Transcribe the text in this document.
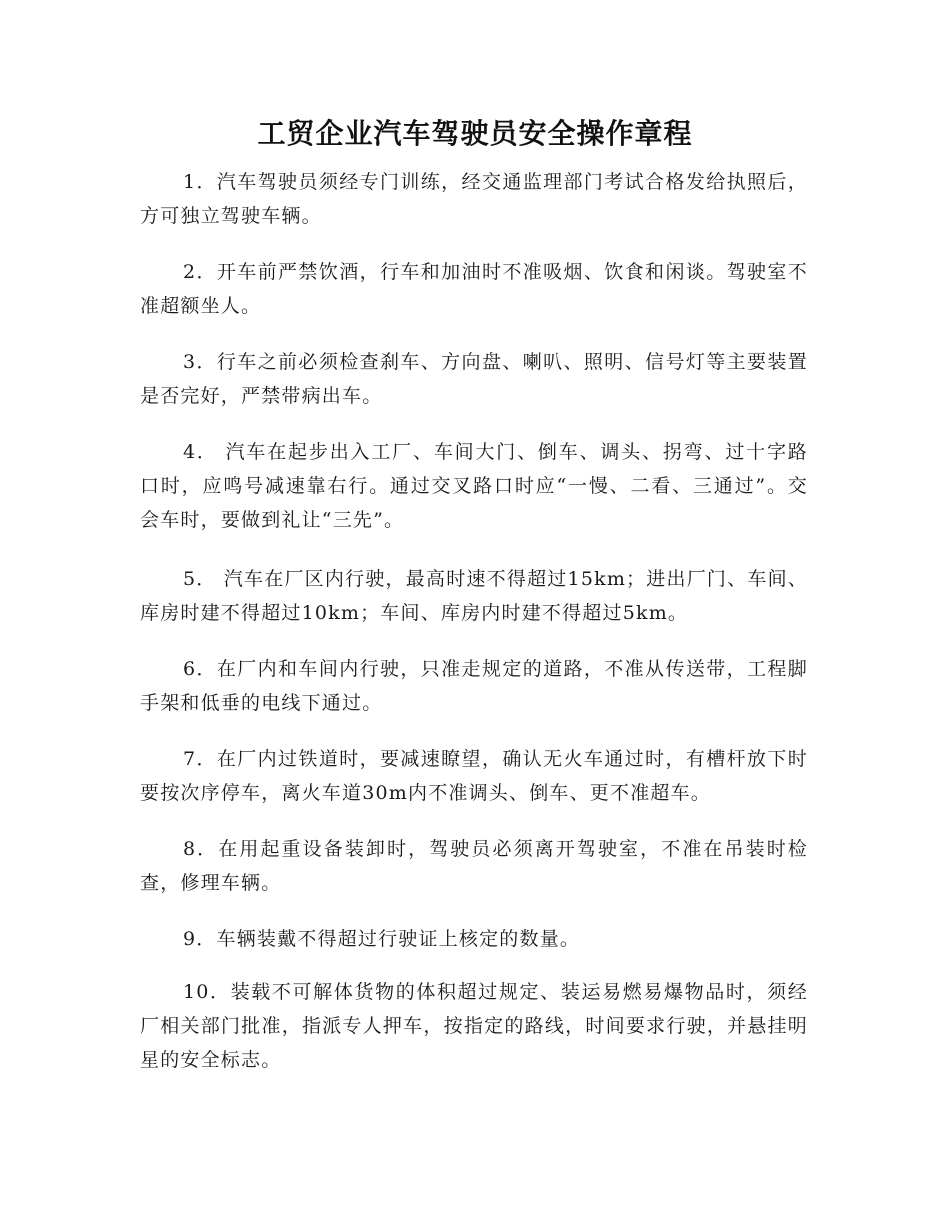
工贸企业汽车驾驶员安全操作章程

1．汽车驾驶员须经专门训练，经交通监理部门考试合格发给执照后，方可独立驾驶车辆。

2．开车前严禁饮酒，行车和加油时不准吸烟、饮食和闲谈。驾驶室不准超额坐人。

3．行车之前必须检查刹车、方向盘、喇叭、照明、信号灯等主要装置是否完好，严禁带病出车。

4． 汽车在起步出入工厂、车间大门、倒车、调头、拐弯、过十字路口时，应鸣号减速靠右行。通过交叉路口时应“一慢、二看、三通过”。交会车时，要做到礼让“三先”。

5． 汽车在厂区内行驶，最高时速不得超过15km；进出厂门、车间、库房时建不得超过10km；车间、库房内时建不得超过5km。

6．在厂内和车间内行驶，只准走规定的道路，不准从传送带，工程脚手架和低垂的电线下通过。

7．在厂内过铁道时，要减速瞭望，确认无火车通过时，有槽杆放下时要按次序停车，离火车道30m内不准调头、倒车、更不准超车。

8．在用起重设备装卸时，驾驶员必须离开驾驶室，不准在吊装时检查，修理车辆。

9．车辆装戴不得超过行驶证上核定的数量。

10．装载不可解体货物的体积超过规定、装运易燃易爆物品时，须经厂相关部门批准，指派专人押车，按指定的路线，时间要求行驶，并悬挂明星的安全标志。
